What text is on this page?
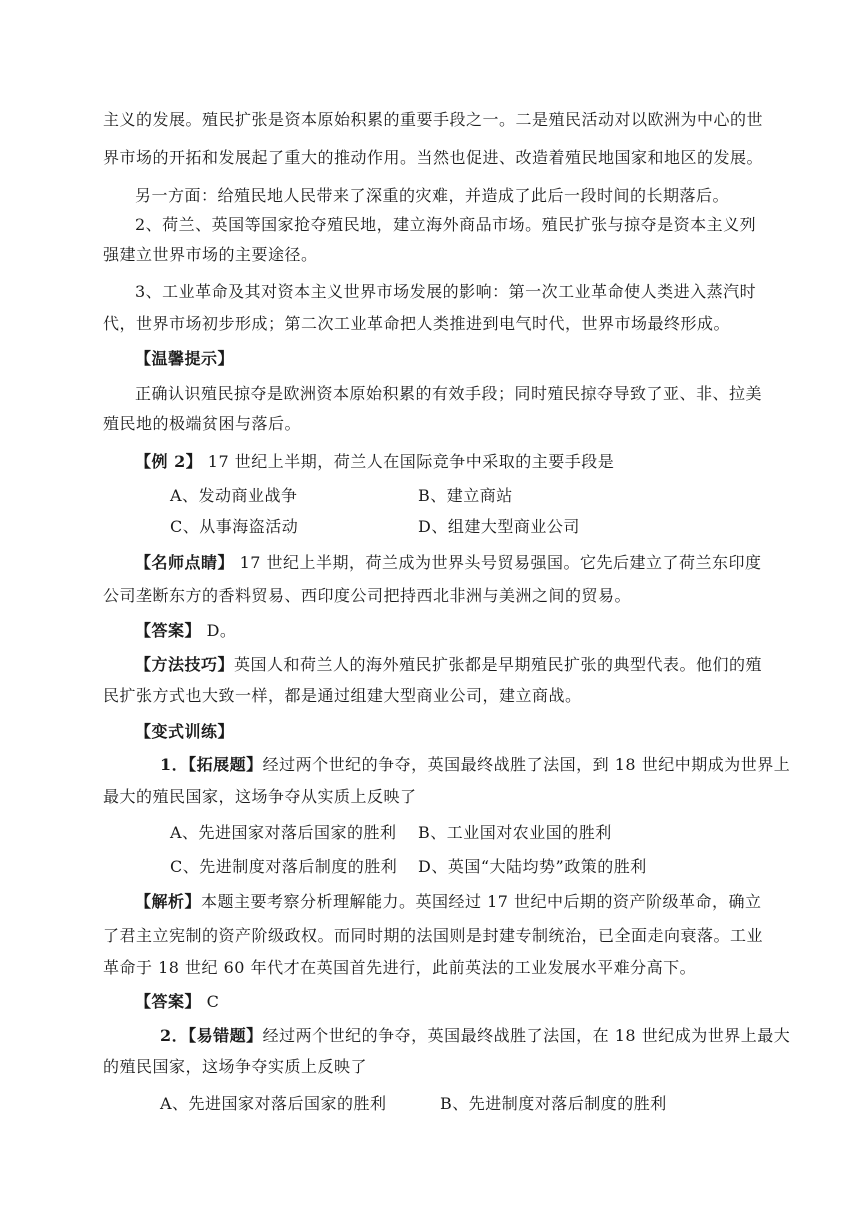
主义的发展。殖民扩张是资本原始积累的重要手段之一。二是殖民活动对以欧洲为中心的世
界市场的开拓和发展起了重大的推动作用。当然也促进、改造着殖民地国家和地区的发展。
另一方面：给殖民地人民带来了深重的灾难，并造成了此后一段时间的长期落后。
2、荷兰、英国等国家抢夺殖民地，建立海外商品市场。殖民扩张与掠夺是资本主义列
强建立世界市场的主要途径。
3、工业革命及其对资本主义世界市场发展的影响：第一次工业革命使人类进入蒸汽时
代，世界市场初步形成；第二次工业革命把人类推进到电气时代，世界市场最终形成。
【温馨提示】
正确认识殖民掠夺是欧洲资本原始积累的有效手段；同时殖民掠夺导致了亚、非、拉美
殖民地的极端贫困与落后。
【例 2】 17 世纪上半期，荷兰人在国际竞争中采取的主要手段是
A、发动商业战争	B、建立商站
C、从事海盗活动	D、组建大型商业公司
【名师点睛】 17 世纪上半期，荷兰成为世界头号贸易强国。它先后建立了荷兰东印度
公司垄断东方的香料贸易、西印度公司把持西北非洲与美洲之间的贸易。
【答案】 D。
【方法技巧】英国人和荷兰人的海外殖民扩张都是早期殖民扩张的典型代表。他们的殖
民扩张方式也大致一样，都是通过组建大型商业公司，建立商战。
【变式训练】
1．【拓展题】经过两个世纪的争夺，英国最终战胜了法国，到 18 世纪中期成为世界上
最大的殖民国家，这场争夺从实质上反映了
A、先进国家对落后国家的胜利 B、工业国对农业国的胜利
C、先进制度对落后制度的胜利 D、英国“大陆均势”政策的胜利
【解析】本题主要考察分析理解能力。英国经过 17 世纪中后期的资产阶级革命，确立
了君主立宪制的资产阶级政权。而同时期的法国则是封建专制统治，已全面走向衰落。工业
革命于 18 世纪 60 年代才在英国首先进行，此前英法的工业发展水平难分高下。
【答案】 C
2．【易错题】经过两个世纪的争夺，英国最终战胜了法国，在 18 世纪成为世界上最大
的殖民国家，这场争夺实质上反映了
A、先进国家对落后国家的胜利	B、先进制度对落后制度的胜利
